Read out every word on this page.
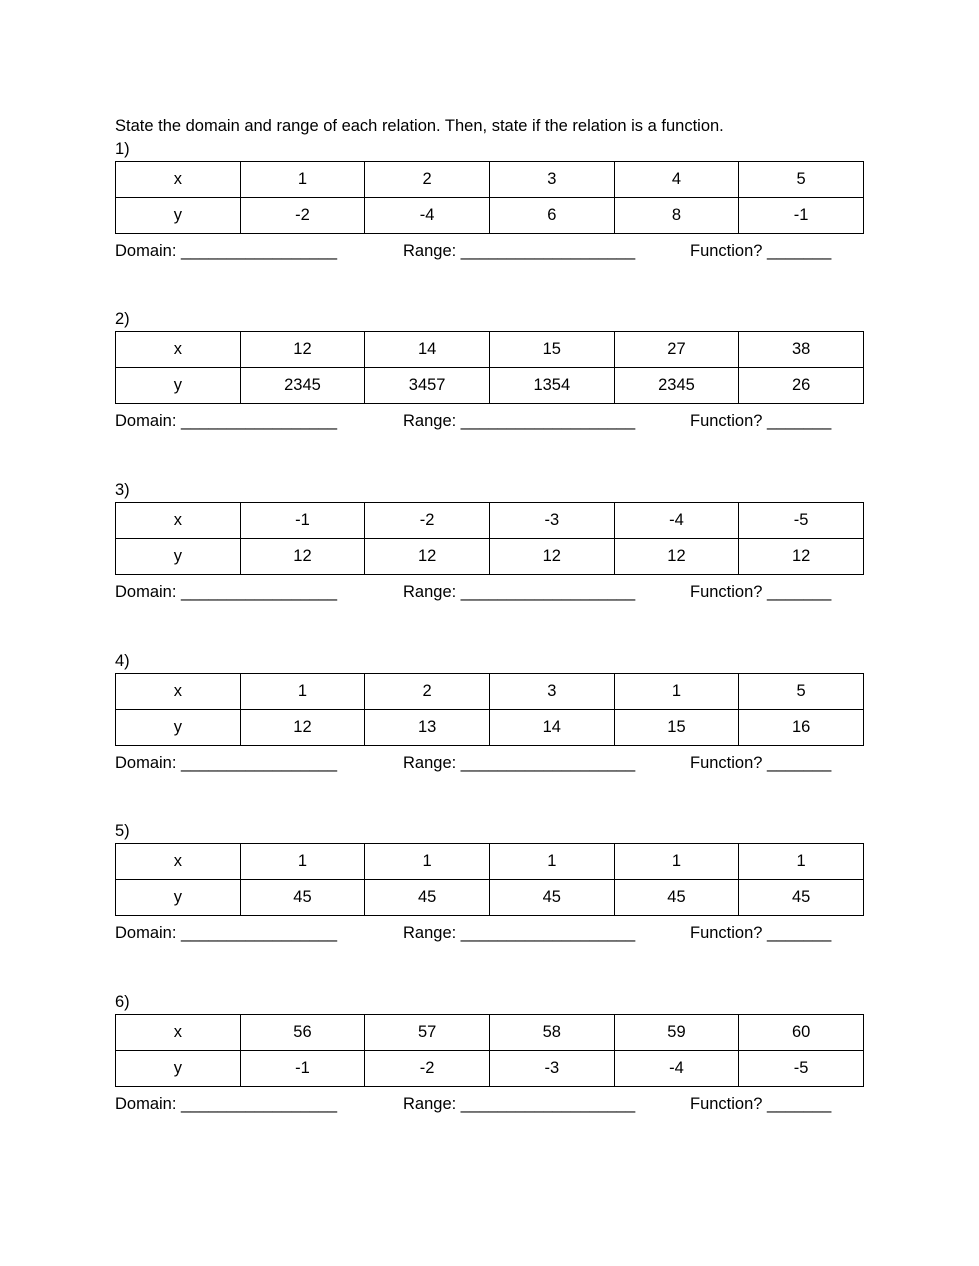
State the domain and range of each relation. Then, state if the relation is a function.
1)
x	1	2	3	4	5
y	-2	-4	6	8	-1
Domain: _________________	Range: ___________________	Function? _______
2)
x	12	14	15	27	38
y	2345	3457	1354	2345	26
Domain: _________________	Range: ___________________	Function? _______
3)
x	-1	-2	-3	-4	-5
y	12	12	12	12	12
Domain: _________________	Range: ___________________	Function? _______
4)
x	1	2	3	1	5
y	12	13	14	15	16
Domain: _________________	Range: ___________________	Function? _______
5)
x	1	1	1	1	1
y	45	45	45	45	45
Domain: _________________	Range: ___________________	Function? _______
6)
x	56	57	58	59	60
y	-1	-2	-3	-4	-5
Domain: _________________	Range: ___________________	Function? _______
